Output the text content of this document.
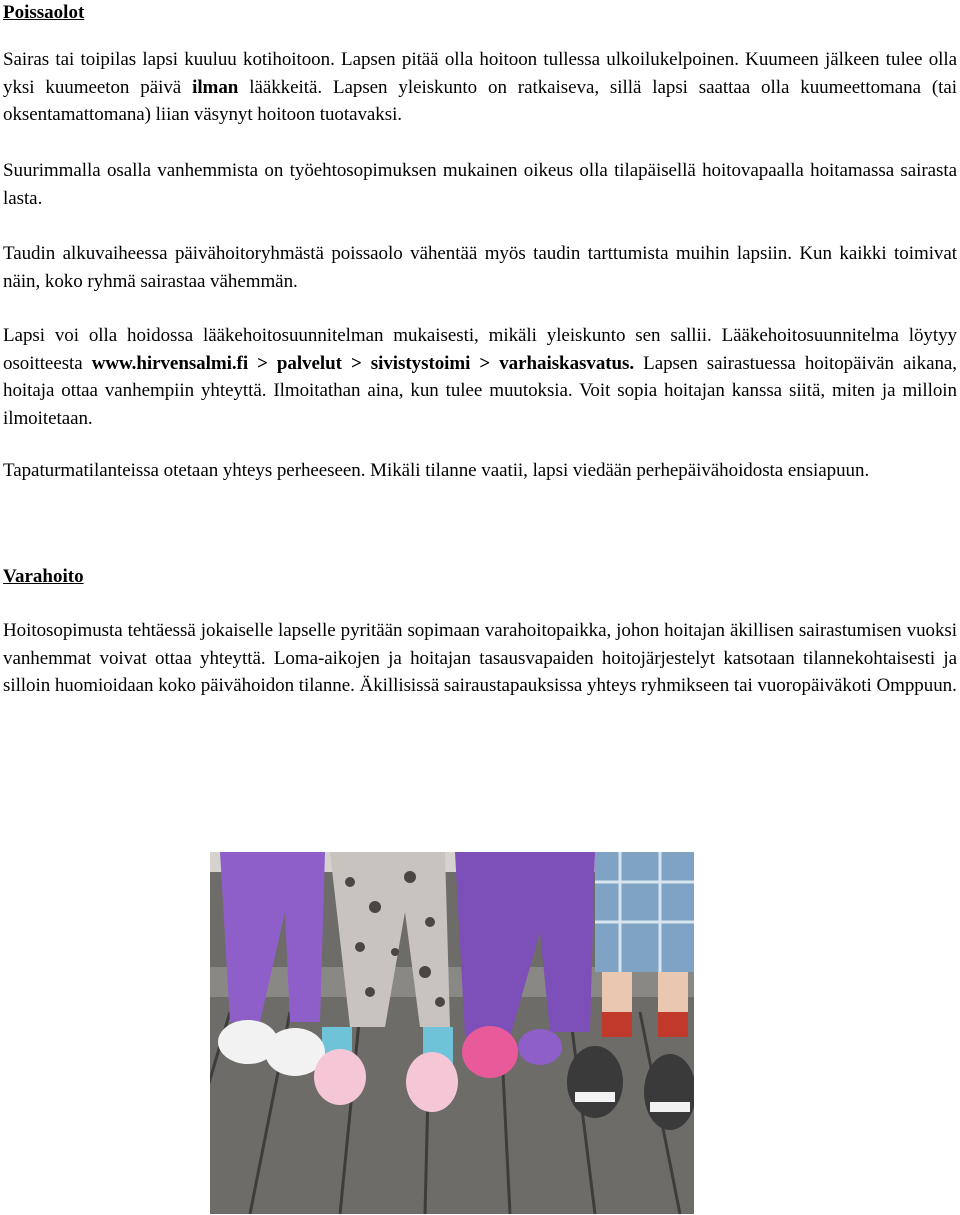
Poissaolot

Sairas tai toipilas lapsi kuuluu kotihoitoon. Lapsen pitää olla hoitoon tullessa ulkoilukelpoinen. Kuumeen jälkeen tulee olla yksi kuumeeton päivä ilman lääkkeitä. Lapsen yleiskunto on ratkaiseva, sillä lapsi saattaa olla kuumeettomana (tai oksentamattomana) liian väsynyt hoitoon tuotavaksi.

Suurimmalla osalla vanhemmista on työehtosopimuksen mukainen oikeus olla tilapäisellä hoitovapaalla hoitamassa sairasta lasta.

Taudin alkuvaiheessa päivähoitoryhmästä poissaolo vähentää myös taudin tarttumista muihin lapsiin. Kun kaikki toimivat näin, koko ryhmä sairastaa vähemmän.

Lapsi voi olla hoidossa lääkehoitosuunnitelman mukaisesti, mikäli yleiskunto sen sallii. Lääkehoitosuunnitelma löytyy osoitteesta www.hirvensalmi.fi > palvelut > sivistystoimi > varhaiskasvatus. Lapsen sairastuessa hoitopäivän aikana, hoitaja ottaa vanhempiin yhteyttä. Ilmoitathan aina, kun tulee muutoksia. Voit sopia hoitajan kanssa siitä, miten ja milloin ilmoitetaan.

Tapaturmatilanteissa otetaan yhteys perheeseen. Mikäli tilanne vaatii, lapsi viedään perhepäivähoidosta ensiapuun.

Varahoito

Hoitosopimusta tehtäessä jokaiselle lapselle pyritään sopimaan varahoitopaikka, johon hoitajan äkillisen sairastumisen vuoksi vanhemmat voivat ottaa yhteyttä. Loma-aikojen ja hoitajan tasausvapaiden hoitojärjestelyt katsotaan tilannekohtaisesti ja silloin huomioidaan koko päivähoidon tilanne. Äkillisissä sairaustapauksissa yhteys ryhmikseen tai vuoropäiväkoti Omppuun.
